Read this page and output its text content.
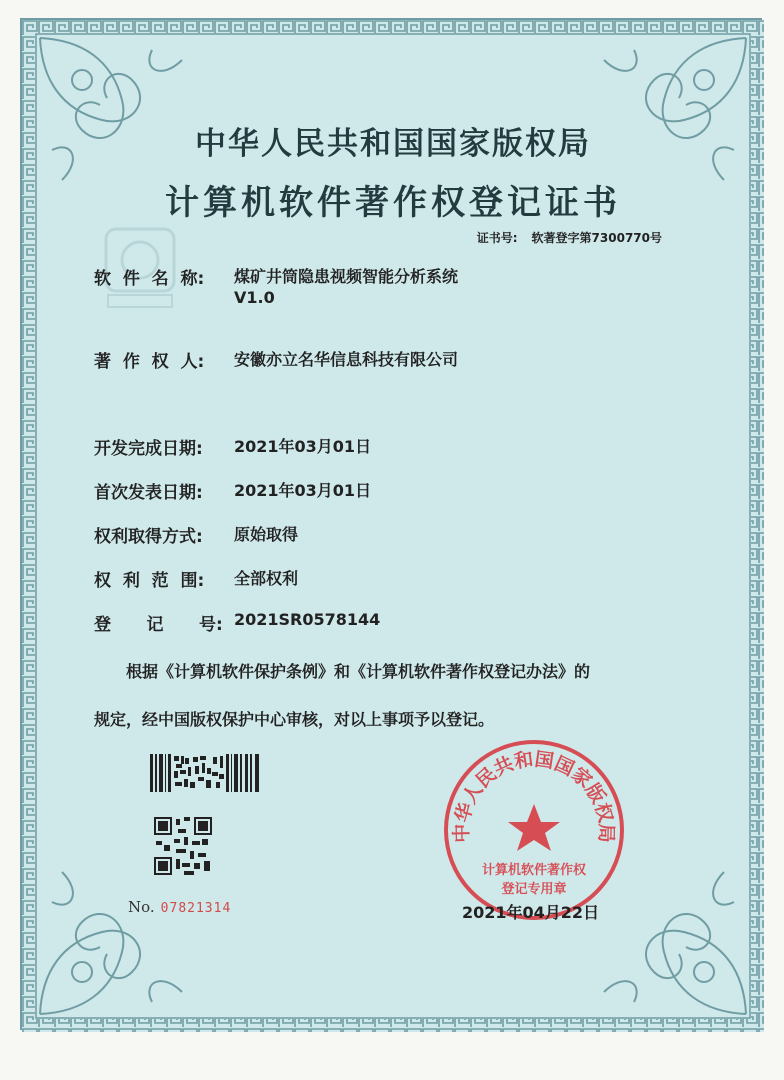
中华人民共和国国家版权局
计算机软件著作权登记证书
证书号: 软著登字第7300770号
软  件  名  称: 煤矿井筒隐患视频智能分析系统
V1.0
著  作  权  人: 安徽亦立名华信息科技有限公司
开发完成日期: 2021年03月01日
首次发表日期: 2021年03月01日
权利取得方式: 原始取得
权  利  范  围: 全部权利
登      记      号: 2021SR0578144
根据《计算机软件保护条例》和《计算机软件著作权登记办法》的
规定，经中国版权保护中心审核，对以上事项予以登记。
No. 07821314
中华人民共和国国家版权局
计算机软件著作权
登记专用章
2021年04月22日
